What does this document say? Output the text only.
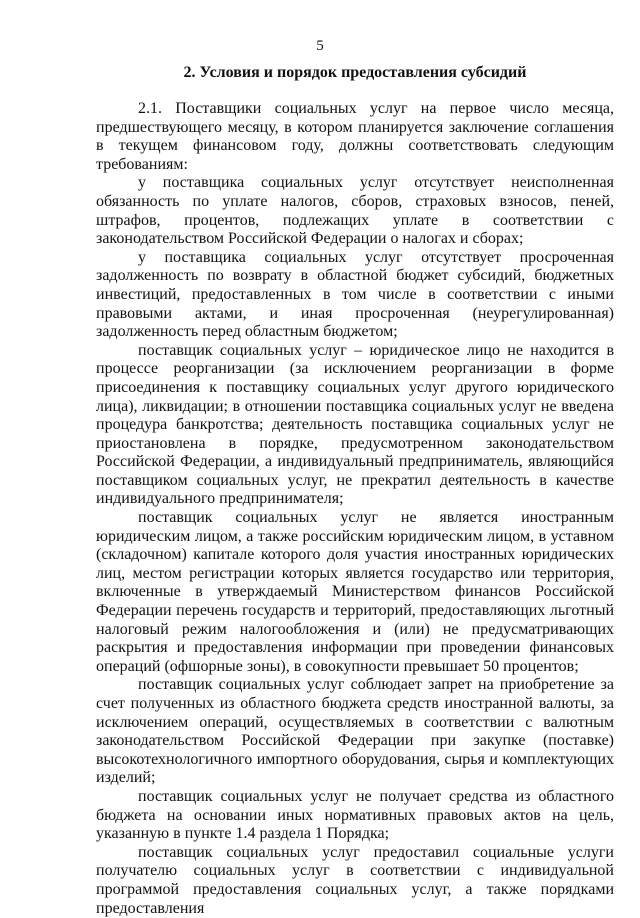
5
2. Условия и порядок предоставления субсидий

2.1. Поставщики социальных услуг на первое число месяца, предшествующего месяцу, в котором планируется заключение соглашения в текущем финансовом году, должны соответствовать следующим требованиям:

у поставщика социальных услуг отсутствует неисполненная обязанность по уплате налогов, сборов, страховых взносов, пеней, штрафов, процентов, подлежащих уплате в соответствии с законодательством Российской Федерации о налогах и сборах;

у поставщика социальных услуг отсутствует просроченная задолженность по возврату в областной бюджет субсидий, бюджетных инвестиций, предоставленных в том числе в соответствии с иными правовыми актами, и иная просроченная (неурегулированная) задолженность перед областным бюджетом;

поставщик социальных услуг – юридическое лицо не находится в процессе реорганизации (за исключением реорганизации в форме присоединения к поставщику социальных услуг другого юридического лица), ликвидации; в отношении поставщика социальных услуг не введена процедура банкротства; деятельность поставщика социальных услуг не приостановлена в порядке, предусмотренном законодательством Российской Федерации, а индивидуальный предприниматель, являющийся поставщиком социальных услуг, не прекратил деятельность в качестве индивидуального предпринимателя;

поставщик социальных услуг не является иностранным юридическим лицом, а также российским юридическим лицом, в уставном (складочном) капитале которого доля участия иностранных юридических лиц, местом регистрации которых является государство или территория, включенные в утверждаемый Министерством финансов Российской Федерации перечень государств и территорий, предоставляющих льготный налоговый режим налогообложения и (или) не предусматривающих раскрытия и предоставления информации при проведении финансовых операций (офшорные зоны), в совокупности превышает 50 процентов;

поставщик социальных услуг соблюдает запрет на приобретение за счет полученных из областного бюджета средств иностранной валюты, за исключением операций, осуществляемых в соответствии с валютным законодательством Российской Федерации при закупке (поставке) высокотехнологичного импортного оборудования, сырья и комплектующих изделий;

поставщик социальных услуг не получает средства из областного бюджета на основании иных нормативных правовых актов на цель, указанную в пункте 1.4 раздела 1 Порядка;

поставщик социальных услуг предоставил социальные услуги получателю социальных услуг в соответствии с индивидуальной программой предоставления социальных услуг, а также порядками предоставления
